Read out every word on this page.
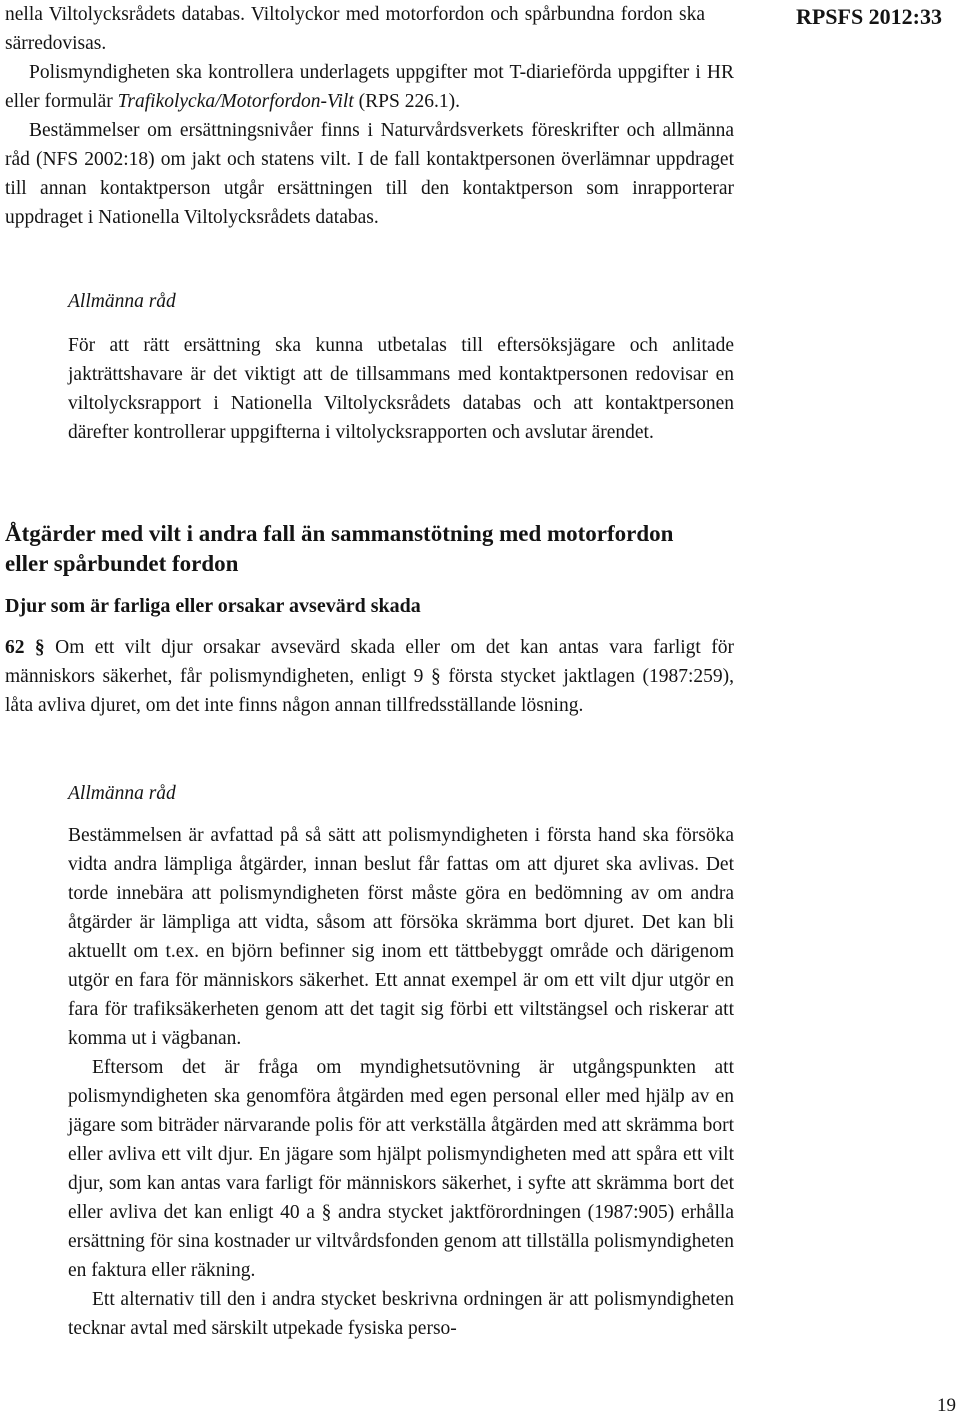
RPSFS 2012:33

nella Viltolycksrådets databas. Viltolyckor med motorfordon och spårbundna fordon ska särredovisas.

Polismyndigheten ska kontrollera underlagets uppgifter mot T-diarieförda uppgifter i HR eller formulär Trafikolycka/Motorfordon-Vilt (RPS 226.1).

Bestämmelser om ersättningsnivåer finns i Naturvårdsverkets föreskrifter och allmänna råd (NFS 2002:18) om jakt och statens vilt. I de fall kontaktpersonen överlämnar uppdraget till annan kontaktperson utgår ersättningen till den kontaktperson som inrapporterar uppdraget i Nationella Viltolycksrådets databas.

Allmänna råd

För att rätt ersättning ska kunna utbetalas till eftersöksjägare och anlitade jakträttshavare är det viktigt att de tillsammans med kontaktpersonen redovisar en viltolycksrapport i Nationella Viltolycksrådets databas och att kontaktpersonen därefter kontrollerar uppgifterna i viltolycksrapporten och avslutar ärendet.

Åtgärder med vilt i andra fall än sammanstötning med motorfordon eller spårbundet fordon
Djur som är farliga eller orsakar avsevärd skada

62 § Om ett vilt djur orsakar avsevärd skada eller om det kan antas vara farligt för människors säkerhet, får polismyndigheten, enligt 9 § första stycket jaktlagen (1987:259), låta avliva djuret, om det inte finns någon annan tillfredsställande lösning.

Allmänna råd

Bestämmelsen är avfattad på så sätt att polismyndigheten i första hand ska försöka vidta andra lämpliga åtgärder, innan beslut får fattas om att djuret ska avlivas. Det torde innebära att polismyndigheten först måste göra en bedömning av om andra åtgärder är lämpliga att vidta, såsom att försöka skrämma bort djuret. Det kan bli aktuellt om t.ex. en björn befinner sig inom ett tättbebyggt område och därigenom utgör en fara för människors säkerhet. Ett annat exempel är om ett vilt djur utgör en fara för trafiksäkerheten genom att det tagit sig förbi ett viltstängsel och riskerar att komma ut i vägbanan.

Eftersom det är fråga om myndighetsutövning är utgångspunkten att polismyndigheten ska genomföra åtgärden med egen personal eller med hjälp av en jägare som biträder närvarande polis för att verkställa åtgärden med att skrämma bort eller avliva ett vilt djur. En jägare som hjälpt polismyndigheten med att spåra ett vilt djur, som kan antas vara farligt för människors säkerhet, i syfte att skrämma bort det eller avliva det kan enligt 40 a § andra stycket jaktförordningen (1987:905) erhålla ersättning för sina kostnader ur viltvårdsfonden genom att tillställa polismyndigheten en faktura eller räkning.

Ett alternativ till den i andra stycket beskrivna ordningen är att polismyndigheten tecknar avtal med särskilt utpekade fysiska perso-

19
